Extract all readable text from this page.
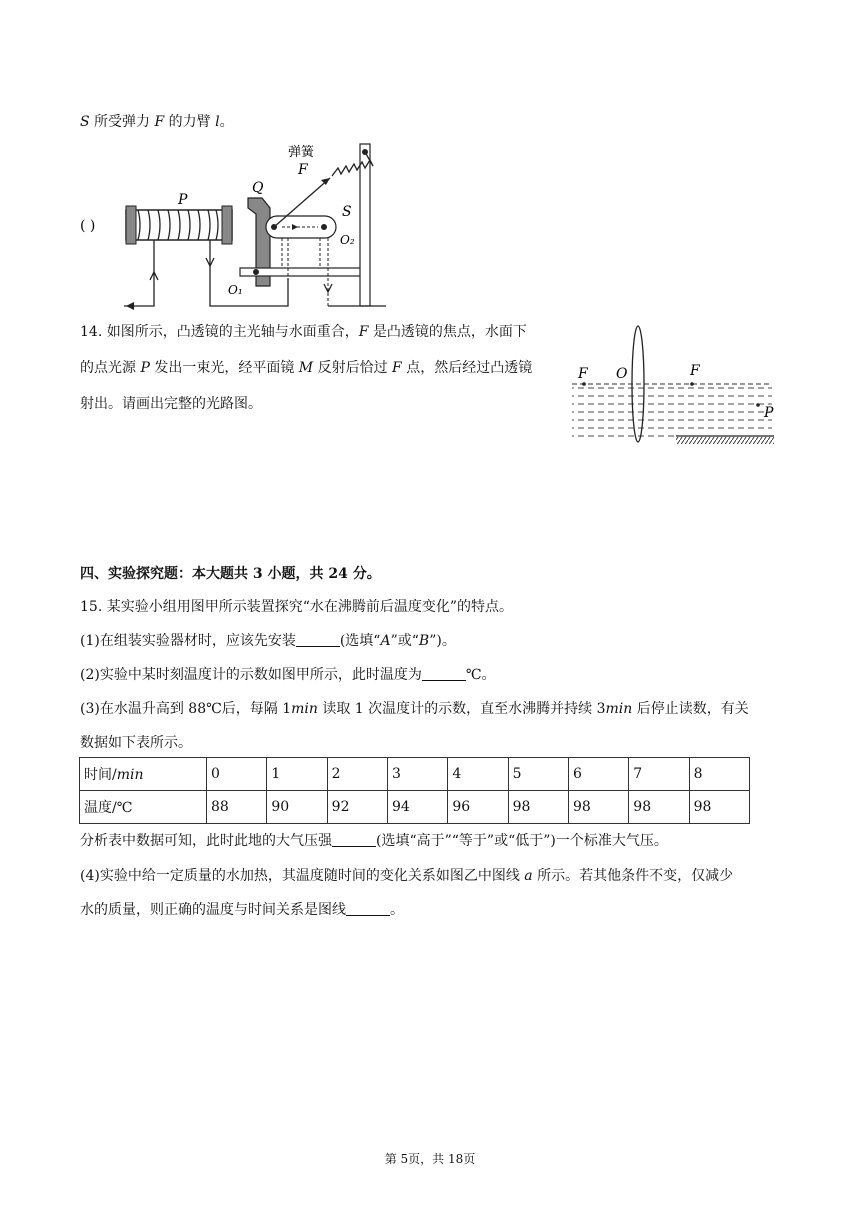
S 所受弹力 F 的力臂 l。
( )
P
Q
O₁
S
O₂
弹簧
F
14. 如图所示，凸透镜的主光轴与水面重合，F 是凸透镜的焦点，水面下
的点光源 P 发出一束光，经平面镜 M 反射后恰过 F 点，然后经过凸透镜
射出。请画出完整的光路图。
F O	F
P
四、实验探究题：本大题共 3 小题，共 24 分。
15. 某实验小组用图甲所示装置探究“水在沸腾前后温度变化”的特点。
(1)在组装实验器材时，应该先安装	(选填“A”或“B”)。
(2)实验中某时刻温度计的示数如图甲所示，此时温度为	℃。
(3)在水温升高到 88℃后，每隔 1min 读取 1 次温度计的示数，直至水沸腾并持续 3min 后停止读数，有关
数据如下表所示。
时间/min	0	1	2	3	4	5	6	7	8
温度/℃	88	90	92	94	96	98	98	98	98
分析表中数据可知，此时此地的大气压强	(选填“高于”“等于”或“低于”)一个标准大气压。
(4)实验中给一定质量的水加热，其温度随时间的变化关系如图乙中图线 a 所示。若其他条件不变，仅减少
水的质量，则正确的温度与时间关系是图线	。
第 5页，共 18页
